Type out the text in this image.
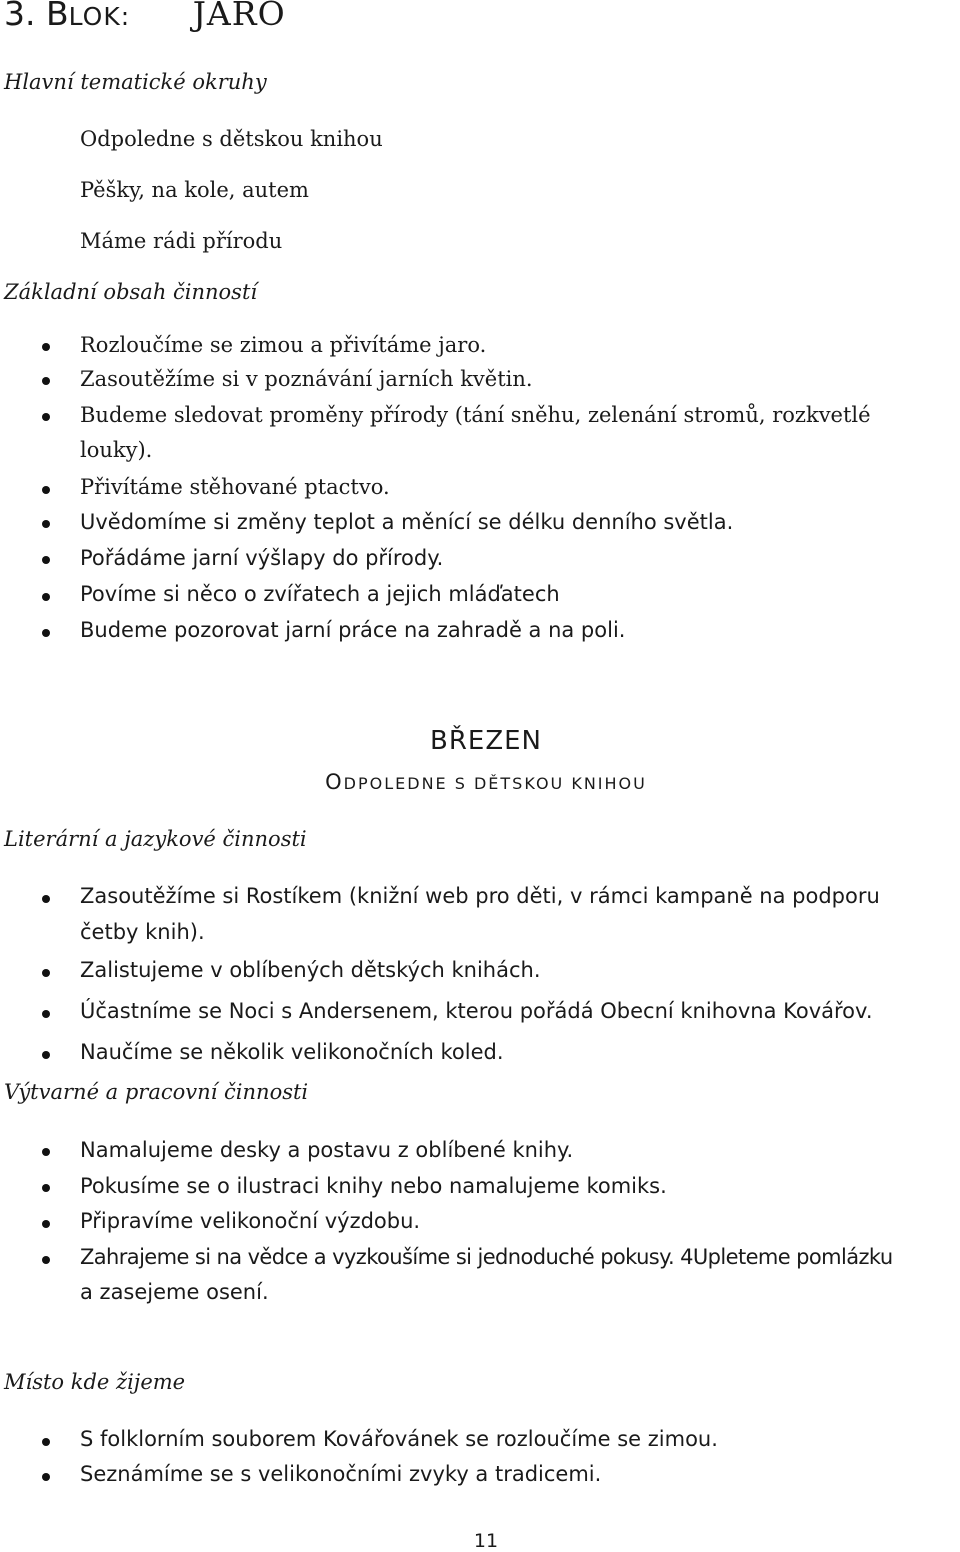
3. BLOK: JARO
Hlavní tematické okruhy
Odpoledne s dětskou knihou
Pěšky, na kole, autem
Máme rádi přírodu
Základní obsah činností
Rozloučíme se zimou a přivítáme jaro.
Zasoutěžíme si v poznávání jarních květin.
Budeme sledovat proměny přírody (tání sněhu, zelenání stromů, rozkvetlé
louky).
Přivítáme stěhované ptactvo.
Uvědomíme si změny teplot a měnící se délku denního světla.
Pořádáme jarní výšlapy do přírody.
Povíme si něco o zvířatech a jejich mláďatech
Budeme pozorovat jarní práce na zahradě a na poli.
BŘEZEN
ODPOLEDNE S DĚTSKOU KNIHOU
Literární a jazykové činnosti
Zasoutěžíme si Rostíkem (knižní web pro děti, v rámci kampaně na podporu
četby knih).
Zalistujeme v oblíbených dětských knihách.
Účastníme se Noci s Andersenem, kterou pořádá Obecní knihovna Kovářov.
Naučíme se několik velikonočních koled.
Výtvarné a pracovní činnosti
Namalujeme desky a postavu z oblíbené knihy.
Pokusíme se o ilustraci knihy nebo namalujeme komiks.
Připravíme velikonoční výzdobu.
Zahrajeme si na vědce a vyzkoušíme si jednoduché pokusy. 4Upleteme pomlázku
a zasejeme osení.
Místo kde žijeme
S folklorním souborem Kovářovánek se rozloučíme se zimou.
Seznámíme se s velikonočními zvyky a tradicemi.
11
